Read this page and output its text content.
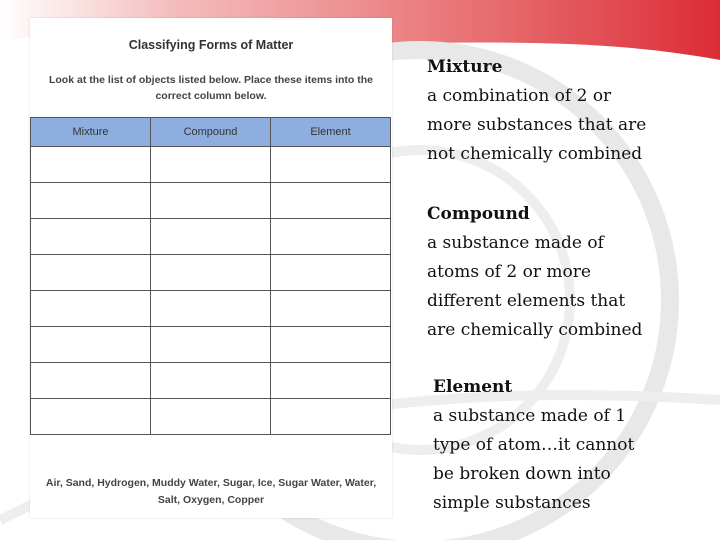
Classifying Forms of Matter
Look at the list of objects listed below. Place these items into the correct column below.
Mixture	Compound	Element

Air, Sand, Hydrogen, Muddy Water, Sugar, Ice, Sugar Water, Water, Salt, Oxygen, Copper
Mixture
a combination of 2 or
more substances that are
not chemically combined
Compound
a substance made of
atoms of 2 or more
different elements that
are chemically combined
Element
a substance made of 1
type of atom…it cannot
be broken down into
simple substances
